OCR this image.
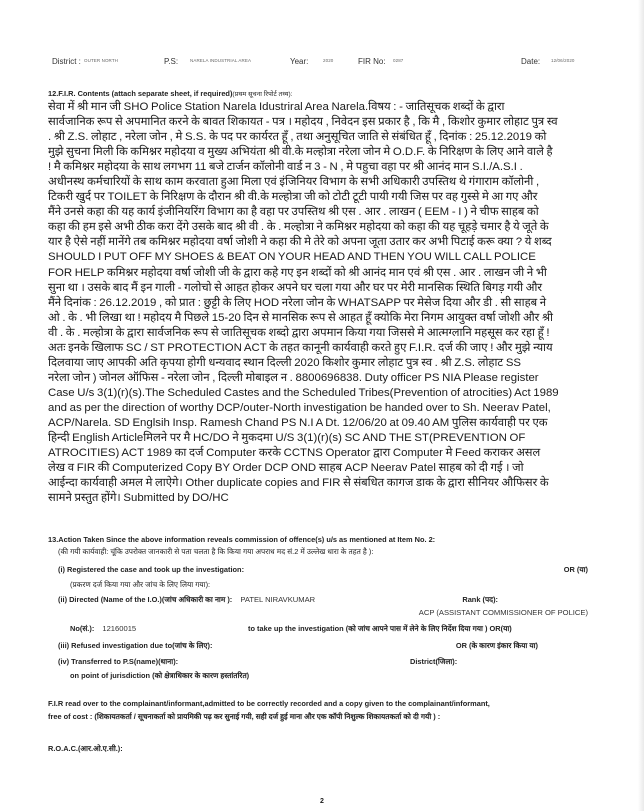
District : OUTER NORTH	P.S:	NARELA INDUSTRIAL AREA	Year:	2020	FIR No: 0287	Date: 12/06/2020
12.F.I.R. Contents (attach separate sheet, if required)(प्रथम सूचना रिपोर्ट तथ्य):
सेवा में श्री मान जी SHO Police Station Narela Idustriral Area Narela.विषय : - जातिसूचक शब्दों के द्वारा
सार्वजानिक रूप से अपमानित करने के बावत शिकायत - पत्र । महोदय , निवेदन इस प्रकार है , कि मै , किशोर कुमार लोहाट पुत्र स्व
. श्री Z.S. लोहाट , नरेला जोन , मे S.S. के पद पर कार्यरत हूँ , तथा अनुसूचित जाति से संबंधित हूँ , दिनांक : 25.12.2019 को
मुझे सुचना मिली कि कमिश्नर महोदया व मुख्य अभियंता श्री वी.के मल्होत्रा नरेला जोन मे O.D.F. के निरिक्षण के लिए आने वाले है
! मै कमिश्नर महोदया के साथ लगभग 11 बजे टार्जन कॉलोनी वार्ड न 3 - N , मे पहुचा वहा पर श्री आनंद मान S.I./A.S.I .
अधीनस्थ कर्मचारियों के साथ काम करवाता हुआ मिला एवं इंजिनियर विभाग के सभी अधिकारी उपस्तिथ थे गंगाराम कॉलोनी ,
टिकरी खुर्द पर TOILET के निरिक्षण के दौरान श्री वी.के मल्होत्रा जी को टोटी टूटी पायी गयी जिस पर वह गुस्से मे आ गए और
मैंने उनसे कहा की यह कार्य इंजीनियरिंग विभाग का है वहा पर उपस्तिथ श्री एस . आर . लाखन ( EEM - I ) ने चीफ साहब को
कहा की हम इसे अभी ठीक करा देंगे उसके बाद श्री वी . के . मल्होत्रा ने कमिश्नर महोदया को कहा की यह चूहड़े चमार है ये जूते के
यार है ऐसे नहीं मानेंगे तब कमिश्नर महोदया वर्षा जोशी ने कहा की मे तेरे को अपना जूता उतार कर अभी पिटाई करू क्या ? ये शब्द
SHOULD I PUT OFF MY SHOES & BEAT ON YOUR HEAD AND THEN YOU WILL CALL POLICE
FOR HELP कमिश्नर महोदया वर्षा जोशी जी के द्वारा कहे गए इन शब्दों को श्री आनंद मान एवं श्री एस . आर . लाखन जी ने भी
सुना था । उसके बाद मैं इन गाली - गलोचो से आहत होकर अपने घर चला गया और घर पर मेरी मानसिक स्थिति बिगड़ गयी और
मैंने दिनांक : 26.12.2019 , को प्रात : छुट्टी के लिए HOD नरेला जोन के WHATSAPP पर मेसेज दिया और डी . सी साहब ने
ओ . के . भी लिखा था ! महोदय मै पिछले 15-20 दिन से मानसिक रूप से आहत हूँ क्योकि मेरा निगम आयुक्त वर्षा जोशी और श्री
वी . के . मल्होत्रा के द्वारा सार्वजनिक रूप से जातिसूचक शब्दो द्वारा अपमान किया गया जिससे मे आत्मग्लानि महसूस कर रहा हूँ !
अतः इनके खिलाफ SC / ST PROTECTION ACT के तहत कानूनी कार्यवाही करते हुए F.I.R. दर्ज की जाए ! और मुझे न्याय
दिलवाया जाए आपकी अति कृपया होगी धन्यवाद स्थान दिल्ली 2020 किशोर कुमार लोहाट पुत्र स्व . श्री Z.S. लोहाट SS
नरेला जोन ) जोनल ऑफिस - नरेला जोन , दिल्ली मोबाइल न . 8800696838. Duty officer PS NIA Please register
Case U/s 3(1)(r)(s).The Scheduled Castes and the Scheduled Tribes(Prevention of atrocities) Act 1989
and as per the direction of worthy DCP/outer-North investigation be handed over to Sh. Neerav Patel,
ACP/Narela. SD Englsih Insp. Ramesh Chand PS N.I A Dt. 12/06/20 at 09.40 AM पुलिस कार्यवाही पर एक
हिन्दी English Articleमिलने पर मै HC/DO ने मुकदमा U/S 3(1)(r)(s) SC AND THE ST(PREVENTION OF
ATROCITIES) ACT 1989 का दर्ज Computer करके CCTNS Operator द्वारा Computer मे Feed कराकर असल
लेख व FIR की Computerized Copy BY Order DCP OND साहब ACP Neerav Patel साहब को दी गई । जो
आईन्दा कार्यवाही अमल मे लाऐगे। Other duplicate copies and FIR से संबधित कागज डाक के द्वारा सीनियर औफिसर के
सामने प्रस्तुत होंगे। Submitted by DO/HC
13.Action Taken Since the above information reveals commission of offence(s) u/s as mentioned at Item No. 2:
(की गयी कार्यवाही: चूंकि उपरोक्त जानकारी से पता चलता है कि किया गया अपराध मद सं.2 में उल्लेख धारा के तहत है ):
(i) Registered the case and took up the investigation:	OR (या)
(प्रकरण दर्ज किया गया और जांच के लिए लिया गया):
(ii) Directed (Name of the I.O.)(जांच अधिकारी का नाम ): PATEL NIRAVKUMAR	Rank (पद):
ACP (ASSISTANT COMMISSIONER OF POLICE)
No(सं.): 12160015	to take up the investigation (को जांच आपने पास में लेने के लिए निर्देश दिया गया ) OR(या)
(iii) Refused investigation due to(जांच के लिए):	OR (के कारण इंकार किया या)
(iv) Transferred to P.S(name)(थाना):	District(जिला):
on point of jurisdiction (को क्षेत्राधिकार के कारण हस्तांतरित)
F.I.R read over to the complainant/informant,admitted to be correctly recorded and a copy given to the complainant/informant,
free of cost : (शिकायतकर्ता / सूचनाकर्ता को प्रायमिकी पढ़ कर सुनाई गयी, सही दर्ज हुई माना और एक कॉपी निशुल्क शिकायतकर्ता को दी गयी ) :
R.O.A.C.(आर.ओ.ए.सी.):
2
